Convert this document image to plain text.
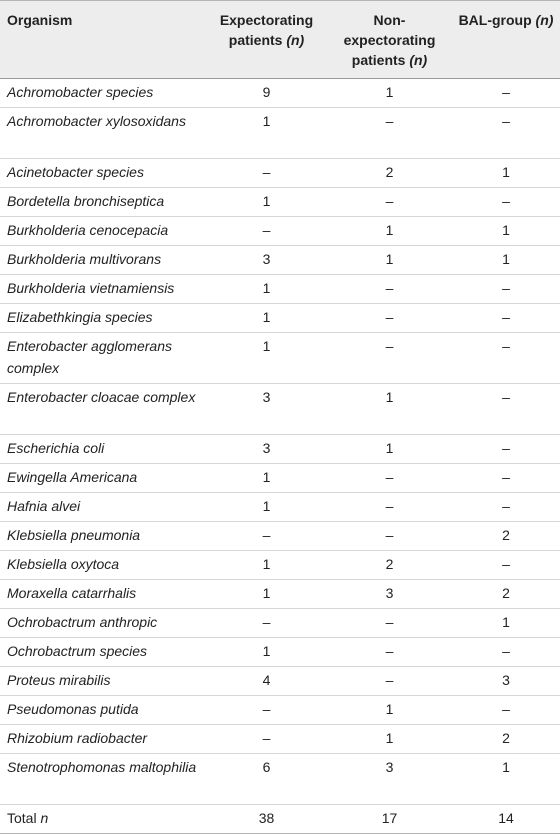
Organism	Expectorating patients (n)	Non-expectorating patients (n)	BAL-group (n)
Achromobacter species	9	1	–
Achromobacter xylosoxidans	1	–	–
Acinetobacter species	–	2	1
Bordetella bronchiseptica	1	–	–
Burkholderia cenocepacia	–	1	1
Burkholderia multivorans	3	1	1
Burkholderia vietnamiensis	1	–	–
Elizabethkingia species	1	–	–
Enterobacter agglomerans complex	1	–	–
Enterobacter cloacae complex	3	1	–
Escherichia coli	3	1	–
Ewingella Americana	1	–	–
Hafnia alvei	1	–	–
Klebsiella pneumonia	–	–	2
Klebsiella oxytoca	1	2	–
Moraxella catarrhalis	1	3	2
Ochrobactrum anthropic	–	–	1
Ochrobactrum species	1	–	–
Proteus mirabilis	4	–	3
Pseudomonas putida	–	1	–
Rhizobium radiobacter	–	1	2
Stenotrophomonas maltophilia	6	3	1
Total n	38	17	14
